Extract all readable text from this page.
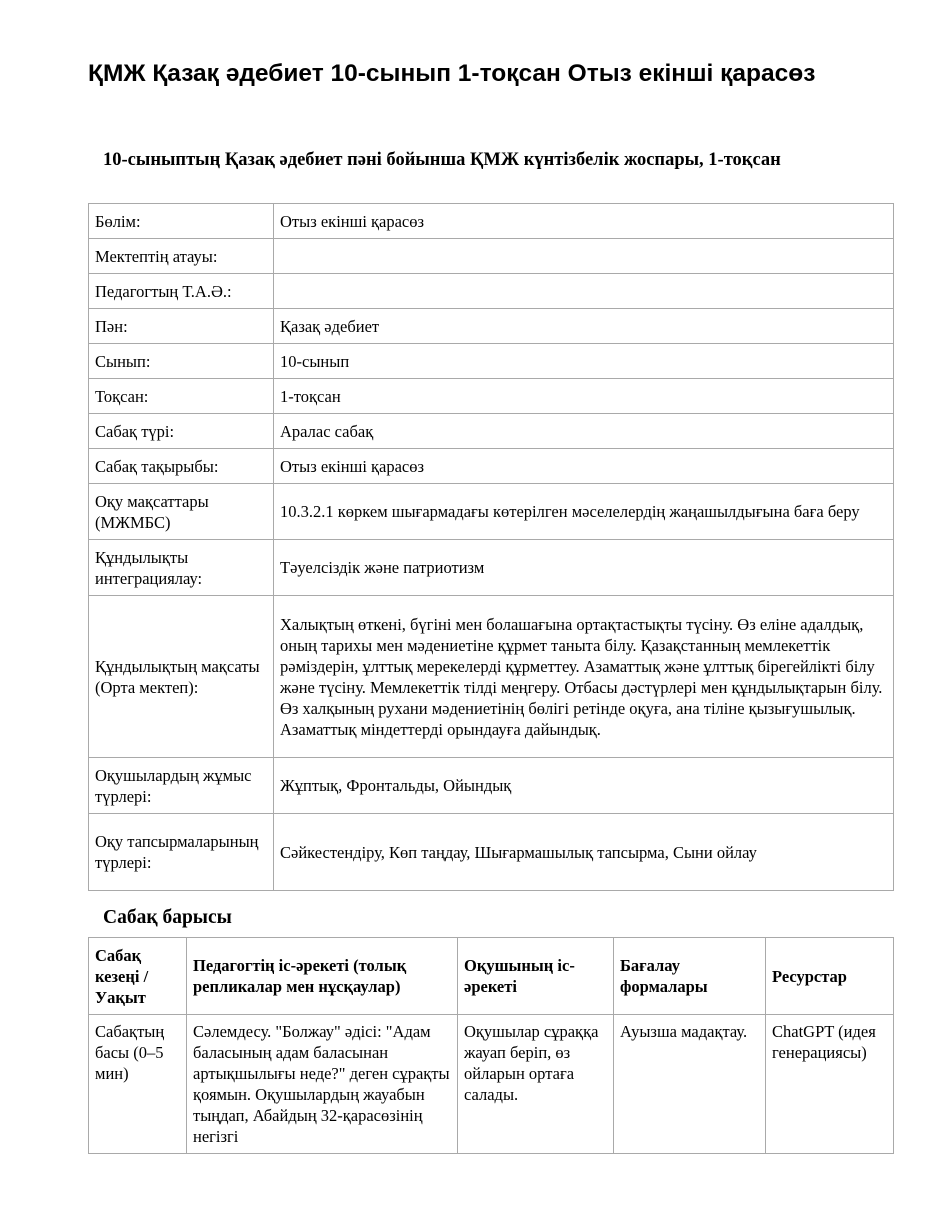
ҚМЖ Қазақ әдебиет 10-сынып 1-тоқсан Отыз екінші қарасөз
10-сыныптың Қазақ әдебиет пәні бойынша ҚМЖ күнтізбелік жоспары, 1-тоқсан
Бөлім:	Отыз екінші қарасөз
Мектептің атауы:	
Педагогтың Т.А.Ә.:	
Пән:	Қазақ әдебиет
Сынып:	10-сынып
Тоқсан:	1-тоқсан
Сабақ түрі:	Аралас сабақ
Сабақ тақырыбы:	Отыз екінші қарасөз
Оқу мақсаттары (МЖМБС)	10.3.2.1 көркем шығармадағы көтерілген мәселелердің жаңашылдығына баға беру
Құндылықты интеграциялау:	Тәуелсіздік және патриотизм
Құндылықтың мақсаты (Орта мектеп):	Халықтың өткені, бүгіні мен болашағына ортақтастықты түсіну. Өз еліне адалдық, оның тарихы мен мәдениетіне құрмет таныта білу. Қазақстанның мемлекеттік рәміздерін, ұлттық мерекелерді құрметтеу. Азаматтық және ұлттық бірегейлікті білу және түсіну. Мемлекеттік тілді меңгеру. Отбасы дәстүрлері мен құндылықтарын білу. Өз халқының рухани мәдениетінің бөлігі ретінде оқуға, ана тіліне қызығушылық. Азаматтық міндеттерді орындауға дайындық.
Оқушылардың жұмыс түрлері:	Жұптық, Фронтальды, Ойындық
Оқу тапсырмаларының түрлері:	Сәйкестендіру, Көп таңдау, Шығармашылық тапсырма, Сыни ойлау
Сабақ барысы
Сабақ кезеңі / Уақыт	Педагогтің іс-әрекеті (толық репликалар мен нұсқаулар)	Оқушының іс-әрекеті	Бағалау формалары	Ресурстар
Сабақтың басы (0–5 мин)	Сәлемдесу. "Болжау" әдісі: "Адам баласының адам баласынан артықшылығы неде?" деген сұрақты қоямын. Оқушылардың жауабын тыңдап, Абайдың 32-қарасөзінің негізгі	Оқушылар сұраққа жауап беріп, өз ойларын ортаға салады.	Ауызша мадақтау.	ChatGPT (идея генерациясы)
